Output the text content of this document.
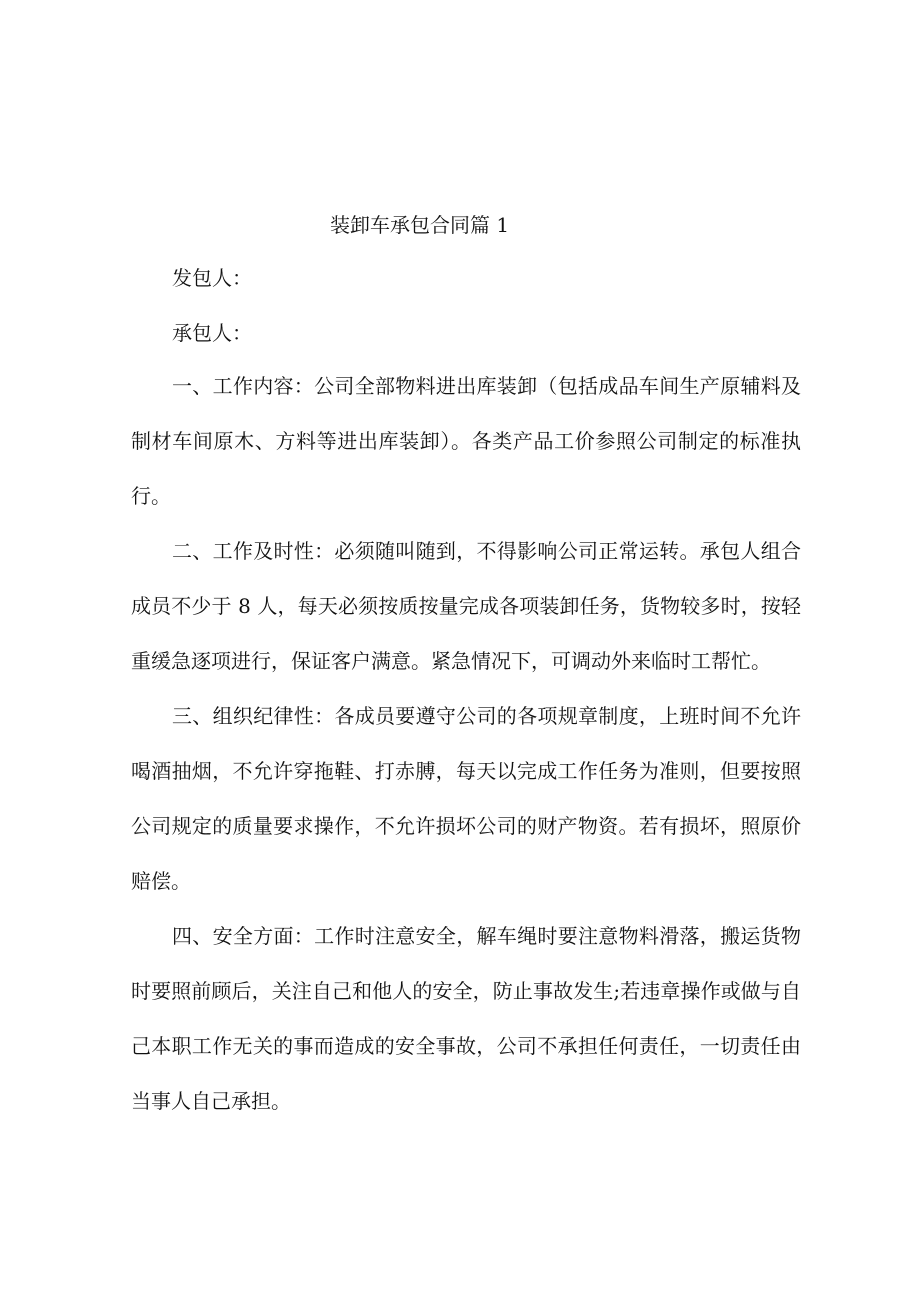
装卸车承包合同篇 1

发包人：

承包人：

一、工作内容：公司全部物料进出库装卸（包括成品车间生产原辅料及制材车间原木、方料等进出库装卸）。各类产品工价参照公司制定的标准执行。

二、工作及时性：必须随叫随到，不得影响公司正常运转。承包人组合成员不少于 8 人，每天必须按质按量完成各项装卸任务，货物较多时，按轻重缓急逐项进行，保证客户满意。紧急情况下，可调动外来临时工帮忙。

三、组织纪律性：各成员要遵守公司的各项规章制度，上班时间不允许喝酒抽烟，不允许穿拖鞋、打赤膊，每天以完成工作任务为准则，但要按照公司规定的质量要求操作，不允许损坏公司的财产物资。若有损坏，照原价赔偿。

四、安全方面：工作时注意安全，解车绳时要注意物料滑落，搬运货物时要照前顾后，关注自己和他人的安全，防止事故发生;若违章操作或做与自己本职工作无关的事而造成的安全事故，公司不承担任何责任，一切责任由当事人自己承担。
